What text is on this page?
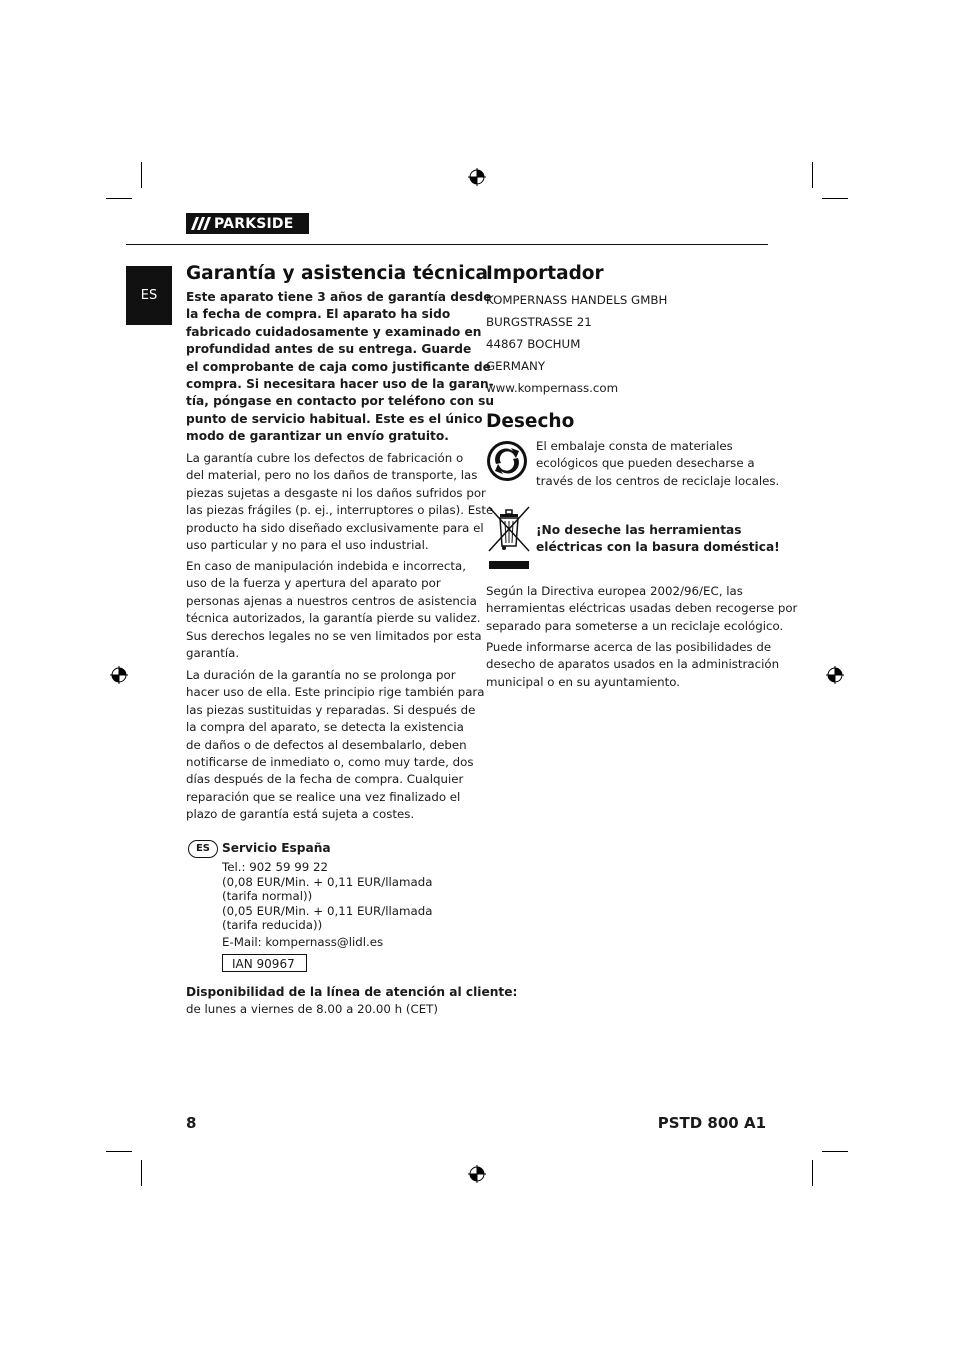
PARKSIDE
ES
Garantía y asistencia técnica
Este aparato tiene 3 años de garantía desde
la fecha de compra. El aparato ha sido
fabricado cuidadosamente y examinado en
profundidad antes de su entrega. Guarde
el comprobante de caja como justificante de
compra. Si necesitara hacer uso de la garan-
tía, póngase en contacto por teléfono con su
punto de servicio habitual. Este es el único
modo de garantizar un envío gratuito.
La garantía cubre los defectos de fabricación o
del material, pero no los daños de transporte, las
piezas sujetas a desgaste ni los daños sufridos por
las piezas frágiles (p. ej., interruptores o pilas). Este
producto ha sido diseñado exclusivamente para el
uso particular y no para el uso industrial.
En caso de manipulación indebida e incorrecta,
uso de la fuerza y apertura del aparato por
personas ajenas a nuestros centros de asistencia
técnica autorizados, la garantía pierde su validez.
Sus derechos legales no se ven limitados por esta
garantía.
La duración de la garantía no se prolonga por
hacer uso de ella. Este principio rige también para
las piezas sustituidas y reparadas. Si después de
la compra del aparato, se detecta la existencia
de daños o de defectos al desembalarlo, deben
notificarse de inmediato o, como muy tarde, dos
días después de la fecha de compra. Cualquier
reparación que se realice una vez finalizado el
plazo de garantía está sujeta a costes.
ES Servicio España
Tel.: 902 59 99 22
(0,08 EUR/Min. + 0,11 EUR/llamada
(tarifa normal))
(0,05 EUR/Min. + 0,11 EUR/llamada
(tarifa reducida))
E-Mail: kompernass@lidl.es
IAN 90967
Disponibilidad de la línea de atención al cliente:
de lunes a viernes de 8.00 a 20.00 h (CET)
Importador
KOMPERNASS HANDELS GMBH
BURGSTRASSE 21
44867 BOCHUM
GERMANY
www.kompernass.com
Desecho
El embalaje consta de materiales
ecológicos que pueden desecharse a
través de los centros de reciclaje locales.
¡No deseche las herramientas
eléctricas con la basura doméstica!
Según la Directiva europea 2002/96/EC, las
herramientas eléctricas usadas deben recogerse por
separado para someterse a un reciclaje ecológico.
Puede informarse acerca de las posibilidades de
desecho de aparatos usados en la administración
municipal o en su ayuntamiento.
8	PSTD 800 A1
